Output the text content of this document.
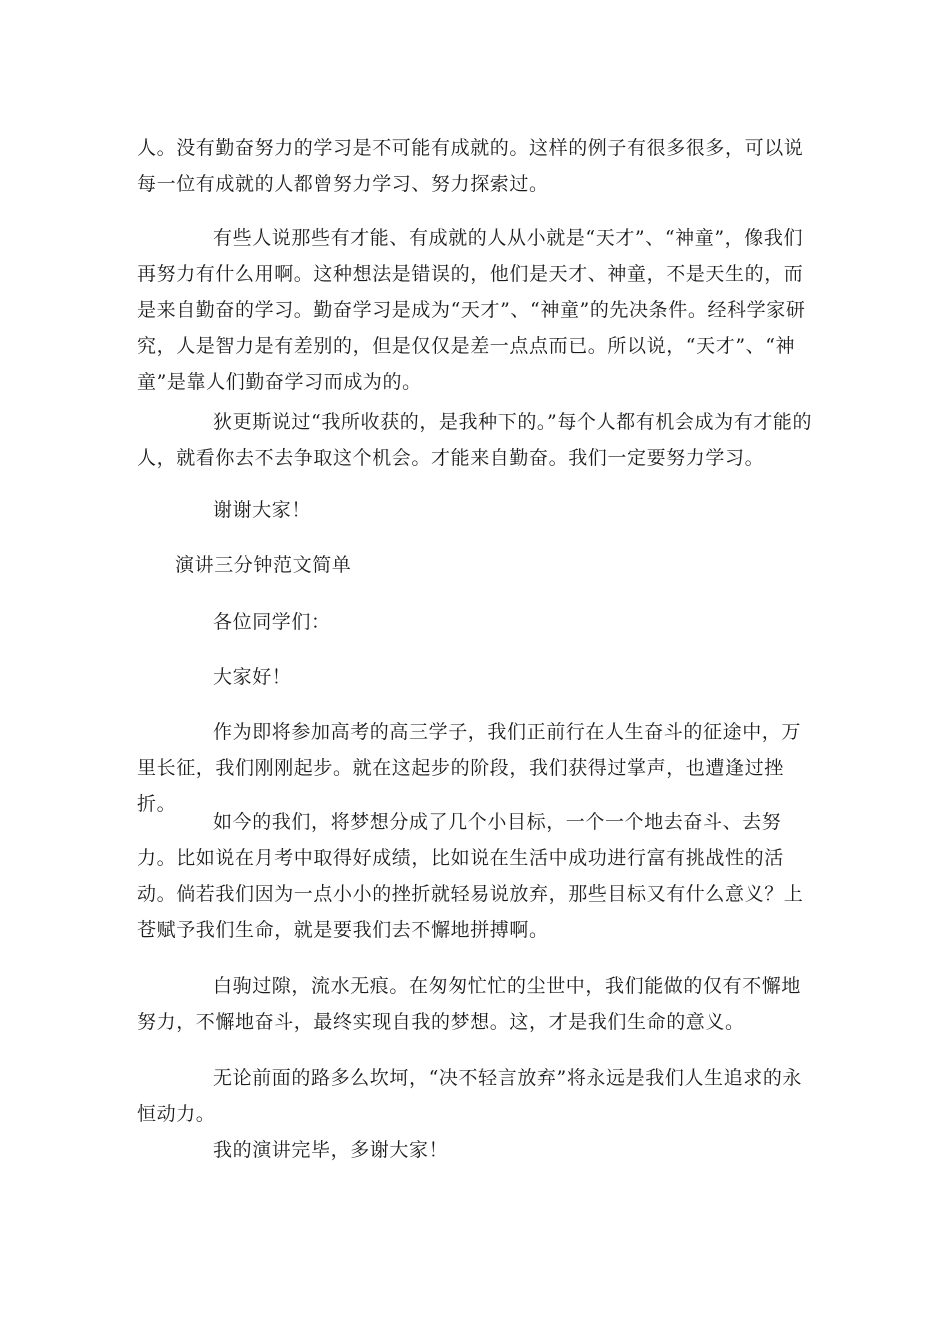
人。没有勤奋努力的学习是不可能有成就的。这样的例子有很多很多，可以说每一位有成就的人都曾努力学习、努力探索过。

有些人说那些有才能、有成就的人从小就是“天才”、“神童”，像我们再努力有什么用啊。这种想法是错误的，他们是天才、神童，不是天生的，而是来自勤奋的学习。勤奋学习是成为“天才”、“神童”的先决条件。经科学家研究，人是智力是有差别的，但是仅仅是差一点点而已。所以说，“天才”、“神童”是靠人们勤奋学习而成为的。

狄更斯说过“我所收获的，是我种下的。”每个人都有机会成为有才能的人，就看你去不去争取这个机会。才能来自勤奋。我们一定要努力学习。

谢谢大家！

演讲三分钟范文简单

各位同学们：

大家好！

作为即将参加高考的高三学子，我们正前行在人生奋斗的征途中，万里长征，我们刚刚起步。就在这起步的阶段，我们获得过掌声，也遭逢过挫折。

如今的我们，将梦想分成了几个小目标，一个一个地去奋斗、去努力。比如说在月考中取得好成绩，比如说在生活中成功进行富有挑战性的活动。倘若我们因为一点小小的挫折就轻易说放弃，那些目标又有什么意义？上苍赋予我们生命，就是要我们去不懈地拼搏啊。

白驹过隙，流水无痕。在匆匆忙忙的尘世中，我们能做的仅有不懈地努力，不懈地奋斗，最终实现自我的梦想。这，才是我们生命的意义。

无论前面的路多么坎坷，“决不轻言放弃”将永远是我们人生追求的永恒动力。

我的演讲完毕，多谢大家！
